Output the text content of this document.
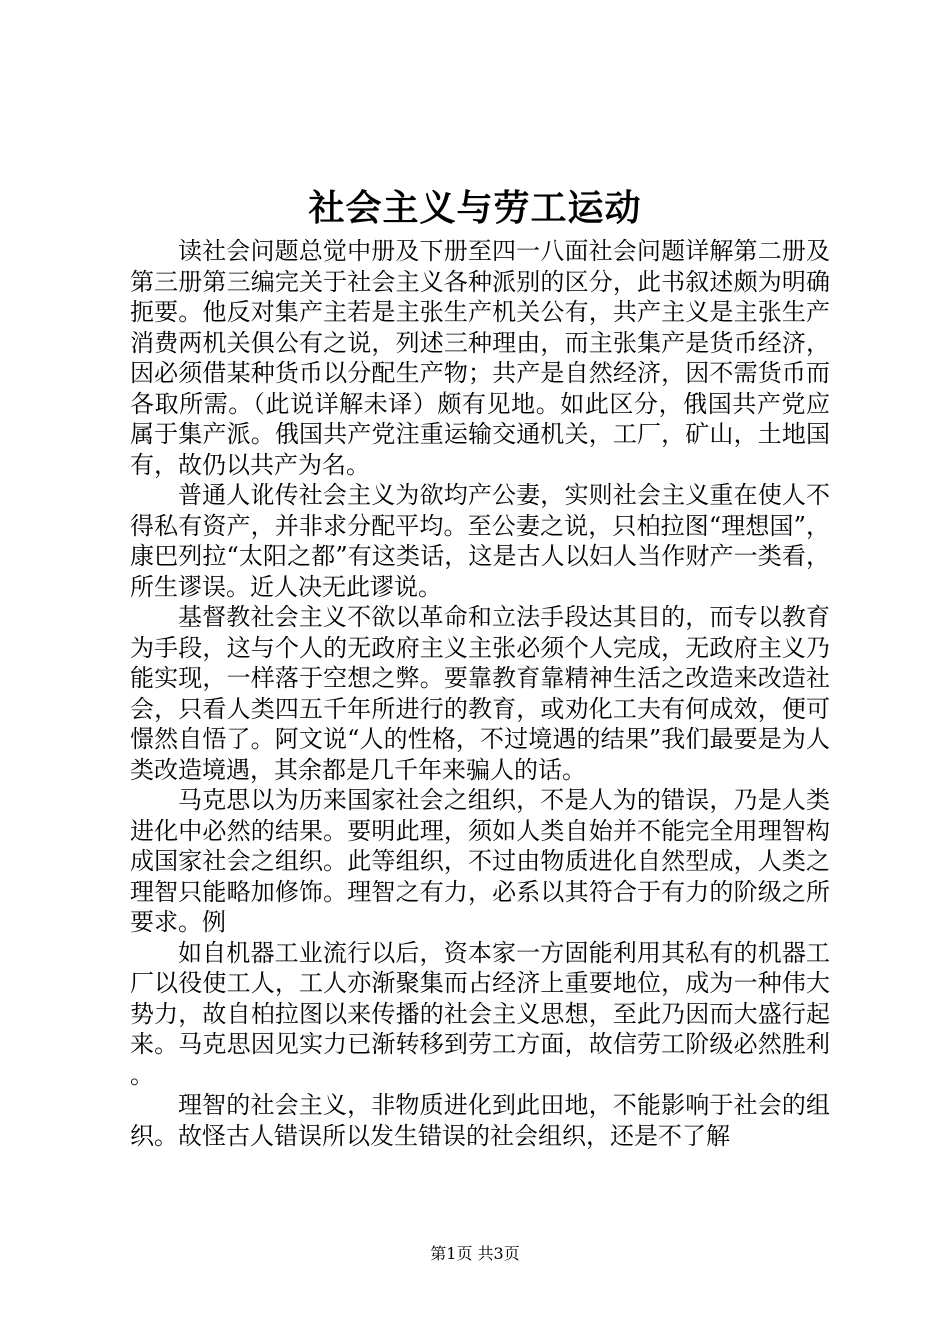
社会主义与劳工运动

读社会问题总觉中册及下册至四一八面社会问题详解第二册及第三册第三编完关于社会主义各种派别的区分，此书叙述颇为明确扼要。他反对集产主若是主张生产机关公有，共产主义是主张生产消费两机关俱公有之说，列述三种理由，而主张集产是货币经济，因必须借某种货币以分配生产物；共产是自然经济，因不需货币而各取所需。（此说详解未译）颇有见地。如此区分，俄国共产党应属于集产派。俄国共产党注重运输交通机关，工厂，矿山，土地国有，故仍以共产为名。

普通人讹传社会主义为欲均产公妻，实则社会主义重在使人不得私有资产，并非求分配平均。至公妻之说，只柏拉图“理想国”，康巴列拉“太阳之都”有这类话，这是古人以妇人当作财产一类看，所生谬误。近人决无此谬说。

基督教社会主义不欲以革命和立法手段达其目的，而专以教育为手段，这与个人的无政府主义主张必须个人完成，无政府主义乃能实现，一样落于空想之弊。要靠教育靠精神生活之改造来改造社会，只看人类四五千年所进行的教育，或劝化工夫有何成效，便可憬然自悟了。阿文说“人的性格，不过境遇的结果”我们最要是为人类改造境遇，其余都是几千年来骗人的话。

马克思以为历来国家社会之组织，不是人为的错误，乃是人类进化中必然的结果。要明此理，须如人类自始并不能完全用理智构成国家社会之组织。此等组织，不过由物质进化自然型成，人类之理智只能略加修饰。理智之有力，必系以其符合于有力的阶级之所要求。例

如自机器工业流行以后，资本家一方固能利用其私有的机器工厂以役使工人，工人亦渐聚集而占经济上重要地位，成为一种伟大势力，故自柏拉图以来传播的社会主义思想，至此乃因而大盛行起来。马克思因见实力已渐转移到劳工方面，故信劳工阶级必然胜利。

理智的社会主义，非物质进化到此田地，不能影响于社会的组织。故怪古人错误所以发生错误的社会组织，还是不了解

第1页 共3页
